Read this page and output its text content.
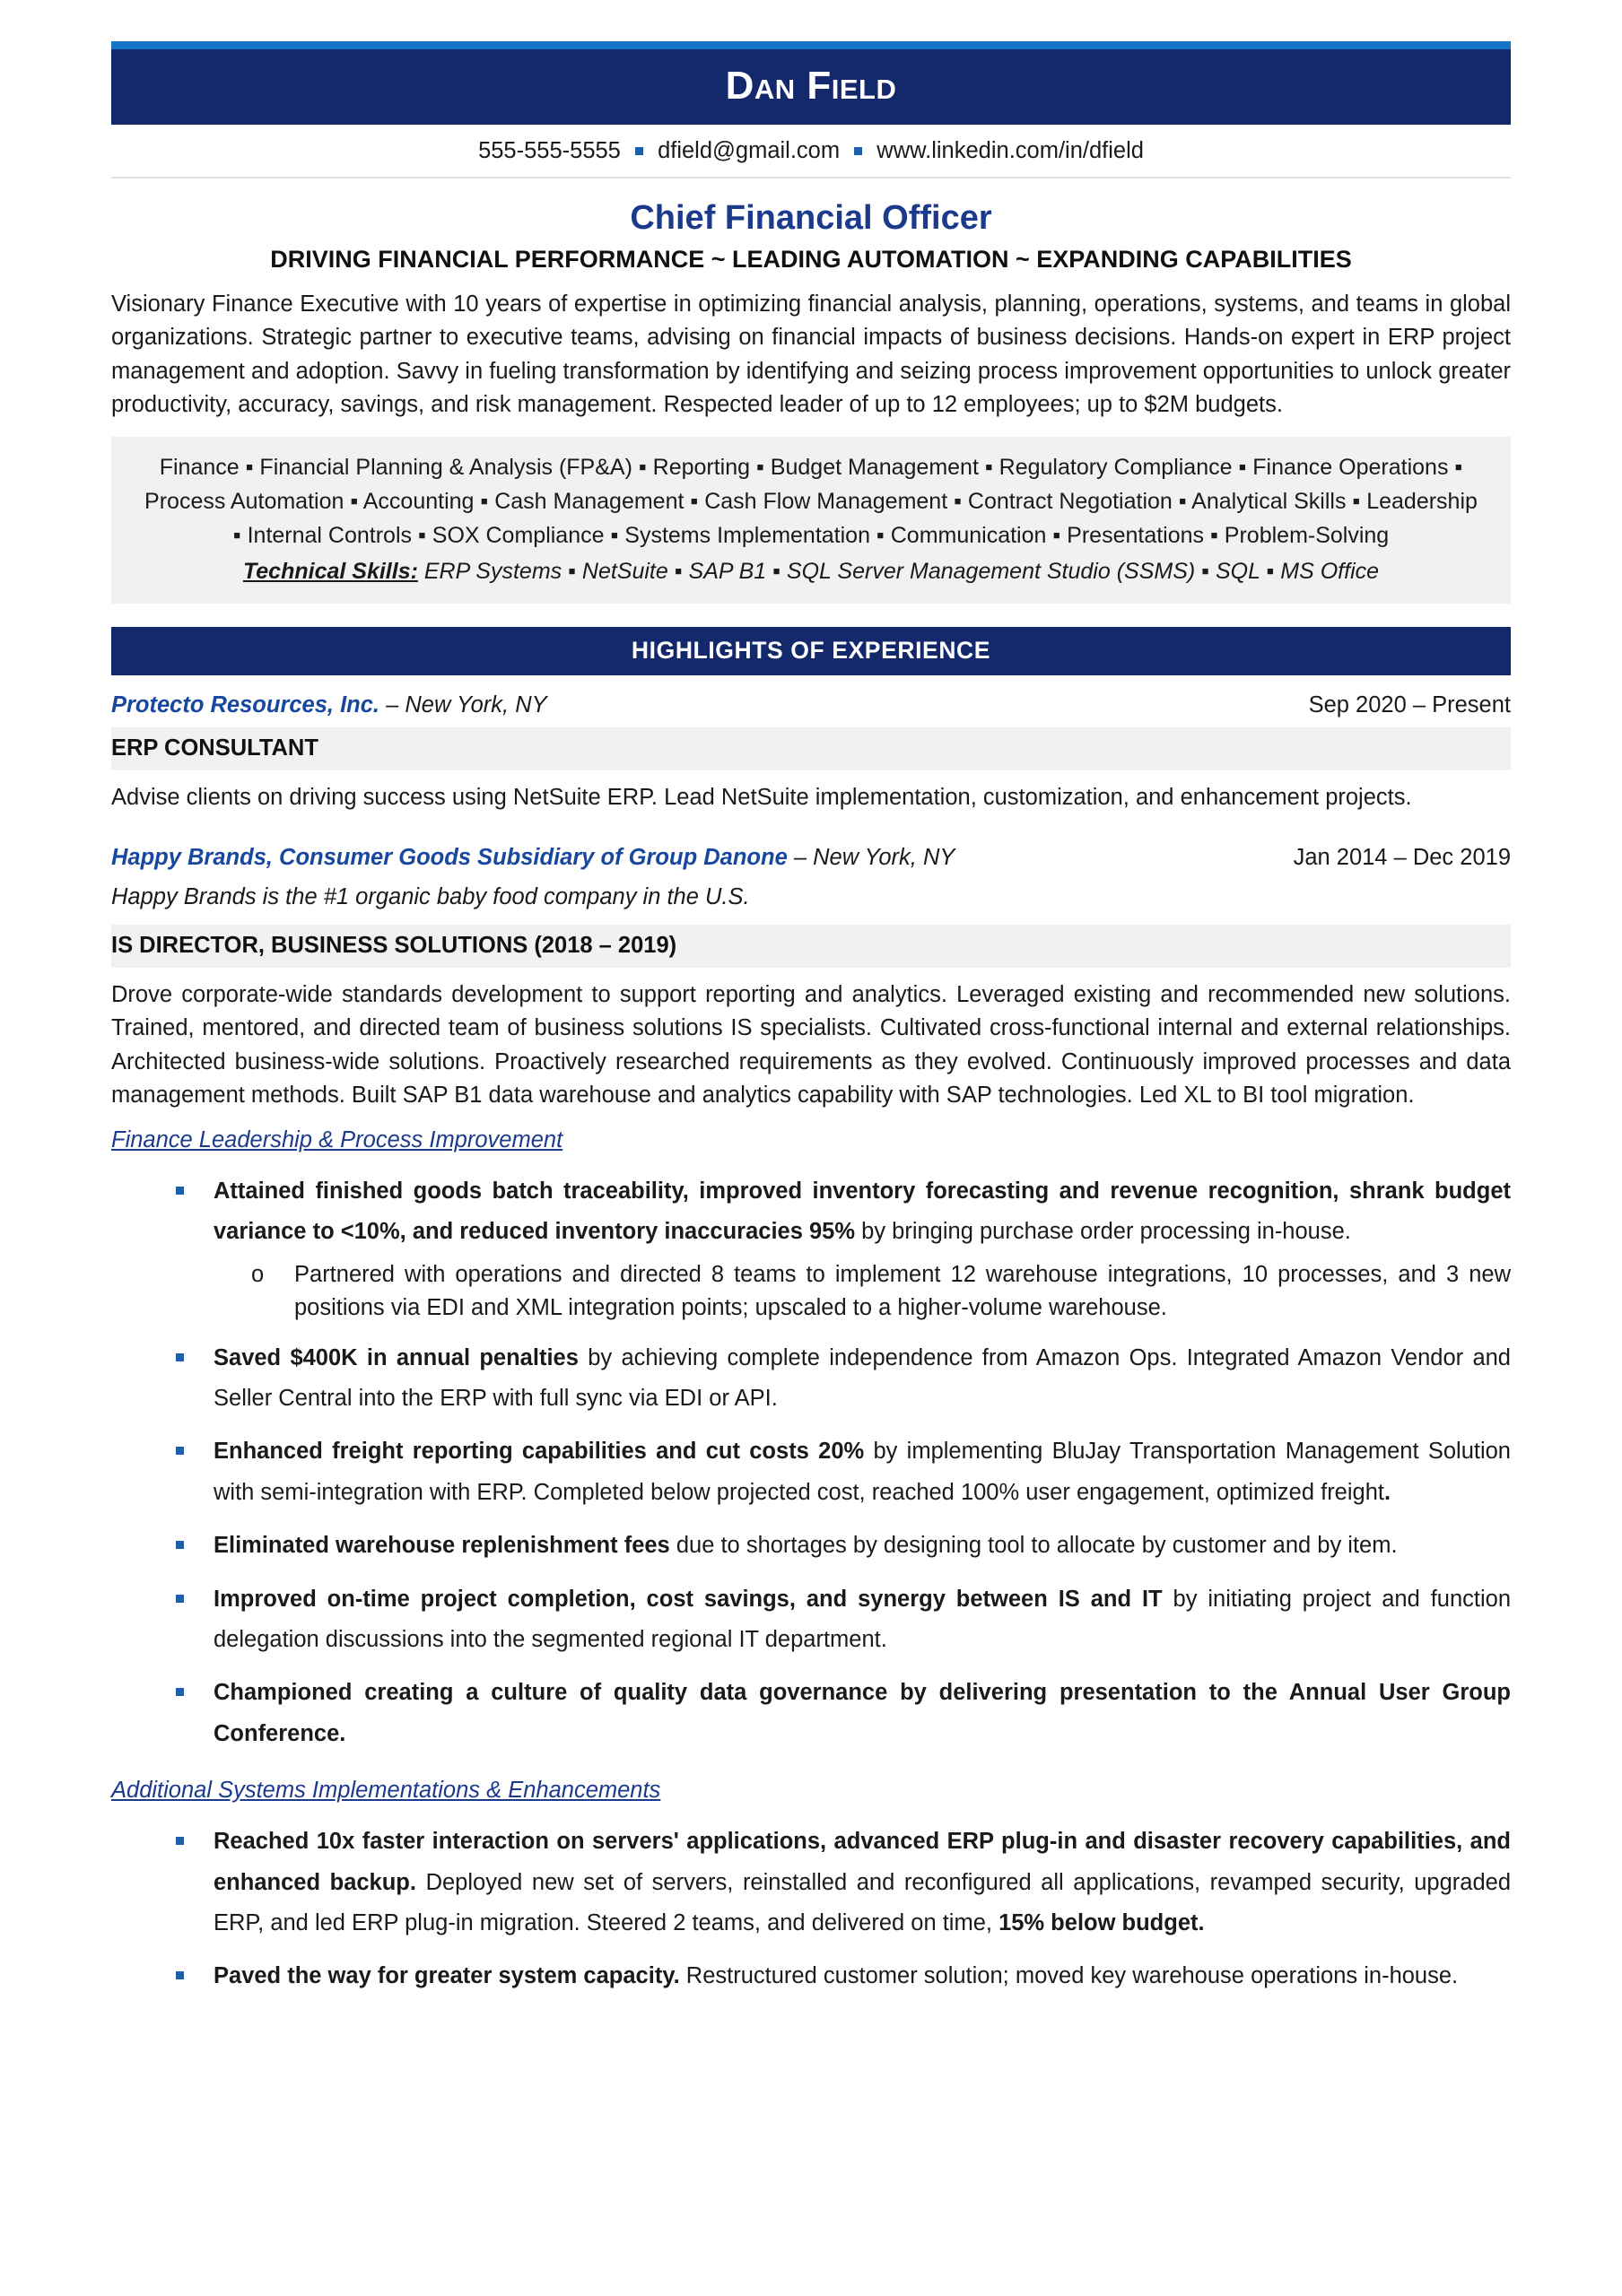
Dan Field
555-555-5555 dfield@gmail.com www.linkedin.com/in/dfield
Chief Financial Officer
DRIVING FINANCIAL PERFORMANCE ~ LEADING AUTOMATION ~ EXPANDING CAPABILITIES
Visionary Finance Executive with 10 years of expertise in optimizing financial analysis, planning, operations, systems, and teams in global organizations. Strategic partner to executive teams, advising on financial impacts of business decisions. Hands-on expert in ERP project management and adoption. Savvy in fueling transformation by identifying and seizing process improvement opportunities to unlock greater productivity, accuracy, savings, and risk management. Respected leader of up to 12 employees; up to $2M budgets.
Finance ▪ Financial Planning & Analysis (FP&A) ▪ Reporting ▪ Budget Management ▪ Regulatory Compliance ▪ Finance Operations ▪ Process Automation ▪ Accounting ▪ Cash Management ▪ Cash Flow Management ▪ Contract Negotiation ▪ Analytical Skills ▪ Leadership ▪ Internal Controls ▪ SOX Compliance ▪ Systems Implementation ▪ Communication ▪ Presentations ▪ Problem-Solving
Technical Skills: ERP Systems ▪ NetSuite ▪ SAP B1 ▪ SQL Server Management Studio (SSMS) ▪ SQL ▪ MS Office
HIGHLIGHTS OF EXPERIENCE
Protecto Resources, Inc. – New York, NY	Sep 2020 – Present
ERP CONSULTANT
Advise clients on driving success using NetSuite ERP. Lead NetSuite implementation, customization, and enhancement projects.
Happy Brands, Consumer Goods Subsidiary of Group Danone – New York, NY	Jan 2014 – Dec 2019
Happy Brands is the #1 organic baby food company in the U.S.
IS DIRECTOR, BUSINESS SOLUTIONS (2018 – 2019)
Drove corporate-wide standards development to support reporting and analytics. Leveraged existing and recommended new solutions. Trained, mentored, and directed team of business solutions IS specialists. Cultivated cross-functional internal and external relationships. Architected business-wide solutions. Proactively researched requirements as they evolved. Continuously improved processes and data management methods. Built SAP B1 data warehouse and analytics capability with SAP technologies. Led XL to BI tool migration.
Finance Leadership & Process Improvement
Attained finished goods batch traceability, improved inventory forecasting and revenue recognition, shrank budget variance to <10%, and reduced inventory inaccuracies 95% by bringing purchase order processing in-house.
o Partnered with operations and directed 8 teams to implement 12 warehouse integrations, 10 processes, and 3 new positions via EDI and XML integration points; upscaled to a higher-volume warehouse.
Saved $400K in annual penalties by achieving complete independence from Amazon Ops. Integrated Amazon Vendor and Seller Central into the ERP with full sync via EDI or API.
Enhanced freight reporting capabilities and cut costs 20% by implementing BluJay Transportation Management Solution with semi-integration with ERP. Completed below projected cost, reached 100% user engagement, optimized freight.
Eliminated warehouse replenishment fees due to shortages by designing tool to allocate by customer and by item.
Improved on-time project completion, cost savings, and synergy between IS and IT by initiating project and function delegation discussions into the segmented regional IT department.
Championed creating a culture of quality data governance by delivering presentation to the Annual User Group Conference.
Additional Systems Implementations & Enhancements
Reached 10x faster interaction on servers' applications, advanced ERP plug-in and disaster recovery capabilities, and enhanced backup. Deployed new set of servers, reinstalled and reconfigured all applications, revamped security, upgraded ERP, and led ERP plug-in migration. Steered 2 teams, and delivered on time, 15% below budget.
Paved the way for greater system capacity. Restructured customer solution; moved key warehouse operations in-house.
